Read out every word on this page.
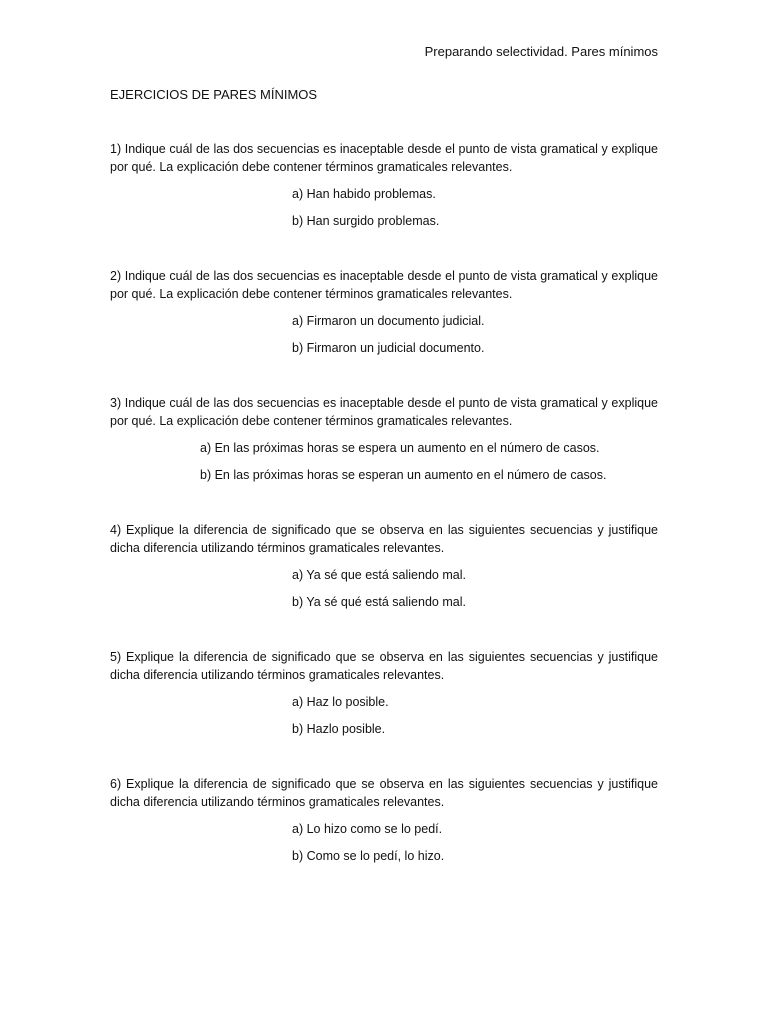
Preparando selectividad. Pares mínimos
EJERCICIOS DE PARES MÍNIMOS

1) Indique cuál de las dos secuencias es inaceptable desde el punto de vista gramatical y explique por qué. La explicación debe contener términos gramaticales relevantes.

a) Han habido problemas.

b) Han surgido problemas.

2) Indique cuál de las dos secuencias es inaceptable desde el punto de vista gramatical y explique por qué. La explicación debe contener términos gramaticales relevantes.

a) Firmaron un documento judicial.

b) Firmaron un judicial documento.

3) Indique cuál de las dos secuencias es inaceptable desde el punto de vista gramatical y explique por qué. La explicación debe contener términos gramaticales relevantes.

a) En las próximas horas se espera un aumento en el número de casos.

b) En las próximas horas se esperan un aumento en el número de casos.

4) Explique la diferencia de significado que se observa en las siguientes secuencias y justifique dicha diferencia utilizando términos gramaticales relevantes.

a) Ya sé que está saliendo mal.

b) Ya sé qué está saliendo mal.

5) Explique la diferencia de significado que se observa en las siguientes secuencias y justifique dicha diferencia utilizando términos gramaticales relevantes.

a) Haz lo posible.

b) Hazlo posible.

6) Explique la diferencia de significado que se observa en las siguientes secuencias y justifique dicha diferencia utilizando términos gramaticales relevantes.

a) Lo hizo como se lo pedí.

b) Como se lo pedí, lo hizo.
